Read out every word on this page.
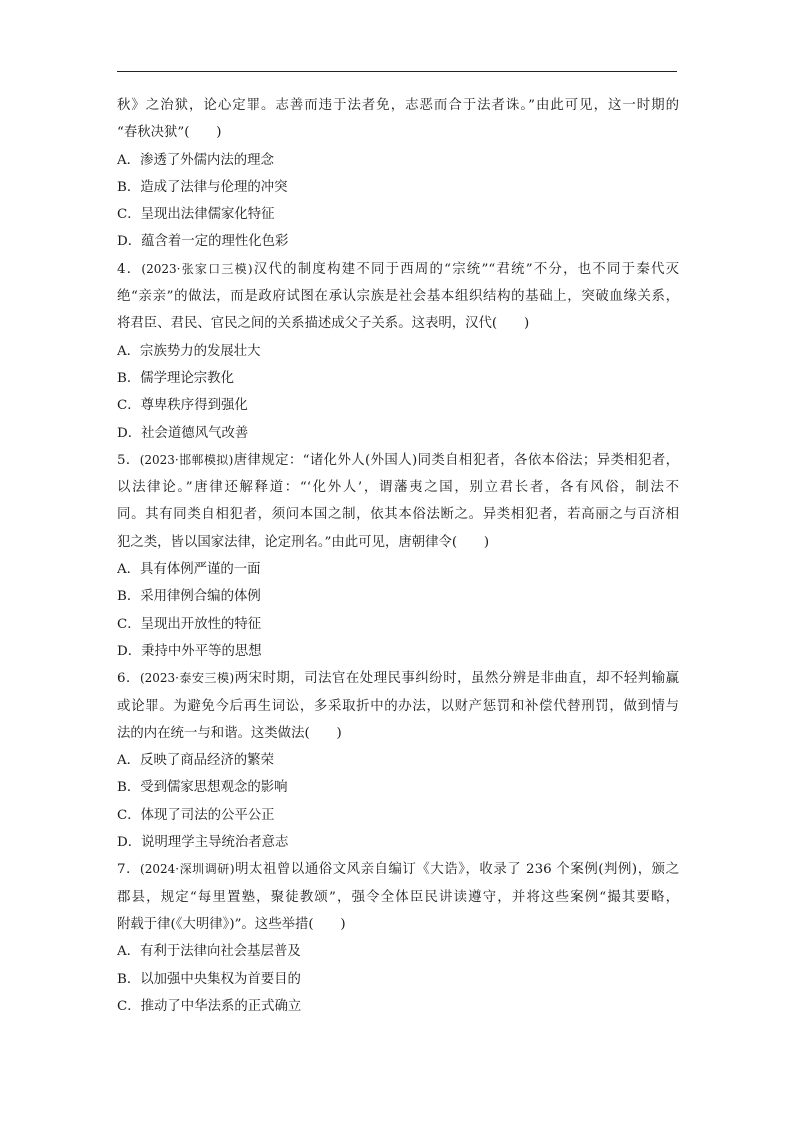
秋》之治狱，论心定罪。志善而违于法者免，志恶而合于法者诛。”由此可见，这一时期的
“春秋决狱”(　　)
A．渗透了外儒内法的理念
B．造成了法律与伦理的冲突
C．呈现出法律儒家化特征
D．蕴含着一定的理性化色彩
4．(2023·张家口三模)汉代的制度构建不同于西周的“宗统”“君统”不分，也不同于秦代灭
绝“亲亲”的做法，而是政府试图在承认宗族是社会基本组织结构的基础上，突破血缘关系，
将君臣、君民、官民之间的关系描述成父子关系。这表明，汉代(　　)
A．宗族势力的发展壮大
B．儒学理论宗教化
C．尊卑秩序得到强化
D．社会道德风气改善
5．(2023·邯郸模拟)唐律规定：“诸化外人(外国人)同类自相犯者，各依本俗法；异类相犯者，
以法律论。”唐律还解释道：“‘化外人’，谓藩夷之国，别立君长者，各有风俗，制法不
同。其有同类自相犯者，须问本国之制，依其本俗法断之。异类相犯者，若高丽之与百济相
犯之类，皆以国家法律，论定刑名。”由此可见，唐朝律令(　　)
A．具有体例严谨的一面
B．采用律例合编的体例
C．呈现出开放性的特征
D．秉持中外平等的思想
6．(2023·泰安三模)两宋时期，司法官在处理民事纠纷时，虽然分辨是非曲直，却不轻判输赢
或论罪。为避免今后再生词讼，多采取折中的办法，以财产惩罚和补偿代替刑罚，做到情与
法的内在统一与和谐。这类做法(　　)
A．反映了商品经济的繁荣
B．受到儒家思想观念的影响
C．体现了司法的公平公正
D．说明理学主导统治者意志
7．(2024·深圳调研)明太祖曾以通俗文风亲自编订《大诰》，收录了 236 个案例(判例)，颁之
郡县，规定“每里置塾，聚徒教颂”，强令全体臣民讲读遵守，并将这些案例“撮其要略，
附载于律(《大明律》)”。这些举措(　　)
A．有利于法律向社会基层普及
B．以加强中央集权为首要目的
C．推动了中华法系的正式确立
